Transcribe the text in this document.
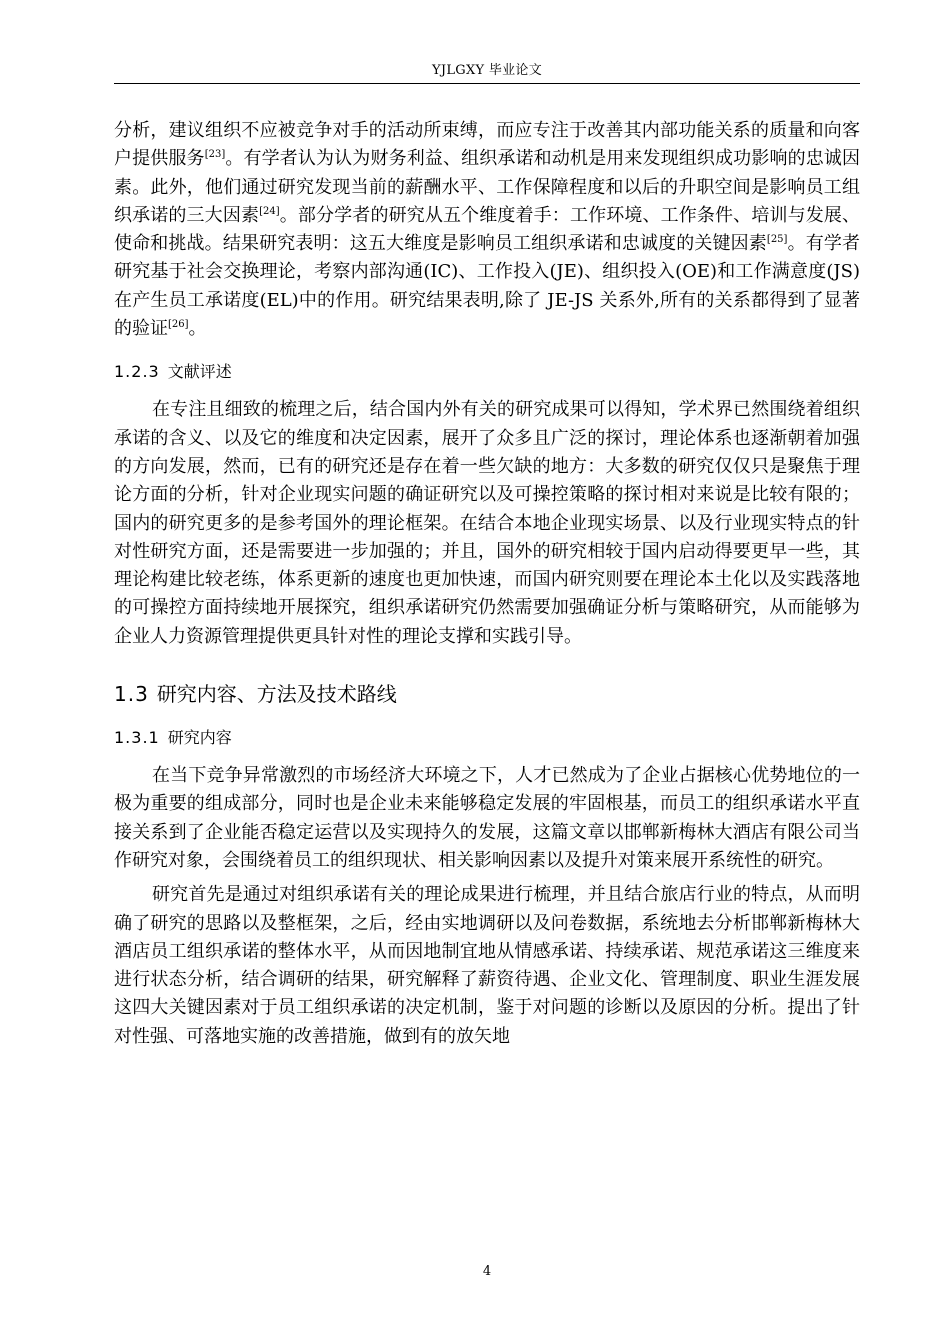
YJLGXY 毕业论文

分析，建议组织不应被竞争对手的活动所束缚，而应专注于改善其内部功能关系的质量和向客户提供服务[23]。有学者认为认为财务利益、组织承诺和动机是用来发现组织成功影响的忠诚因素。此外，他们通过研究发现当前的薪酬水平、工作保障程度和以后的升职空间是影响员工组织承诺的三大因素[24]。部分学者的研究从五个维度着手：工作环境、工作条件、培训与发展、使命和挑战。结果研究表明：这五大维度是影响员工组织承诺和忠诚度的关键因素[25]。有学者研究基于社会交换理论，考察内部沟通(IC)、工作投入(JE)、组织投入(OE)和工作满意度(JS)在产生员工承诺度(EL)中的作用。研究结果表明,除了 JE-JS 关系外,所有的关系都得到了显著的验证[26]。

1.2.3 文献评述

在专注且细致的梳理之后，结合国内外有关的研究成果可以得知，学术界已然围绕着组织承诺的含义、以及它的维度和决定因素，展开了众多且广泛的探讨，理论体系也逐渐朝着加强的方向发展，然而，已有的研究还是存在着一些欠缺的地方：大多数的研究仅仅只是聚焦于理论方面的分析，针对企业现实问题的确证研究以及可操控策略的探讨相对来说是比较有限的；国内的研究更多的是参考国外的理论框架。在结合本地企业现实场景、以及行业现实特点的针对性研究方面，还是需要进一步加强的；并且，国外的研究相较于国内启动得要更早一些，其理论构建比较老练，体系更新的速度也更加快速，而国内研究则要在理论本土化以及实践落地的可操控方面持续地开展探究，组织承诺研究仍然需要加强确证分析与策略研究，从而能够为企业人力资源管理提供更具针对性的理论支撑和实践引导。

1.3 研究内容、方法及技术路线
1.3.1 研究内容

在当下竞争异常激烈的市场经济大环境之下，人才已然成为了企业占据核心优势地位的一极为重要的组成部分，同时也是企业未来能够稳定发展的牢固根基，而员工的组织承诺水平直接关系到了企业能否稳定运营以及实现持久的发展，这篇文章以邯郸新梅林大酒店有限公司当作研究对象，会围绕着员工的组织现状、相关影响因素以及提升对策来展开系统性的研究。

研究首先是通过对组织承诺有关的理论成果进行梳理，并且结合旅店行业的特点，从而明确了研究的思路以及整框架，之后，经由实地调研以及问卷数据，系统地去分析邯郸新梅林大酒店员工组织承诺的整体水平，从而因地制宜地从情感承诺、持续承诺、规范承诺这三维度来进行状态分析，结合调研的结果，研究解释了薪资待遇、企业文化、管理制度、职业生涯发展这四大关键因素对于员工组织承诺的决定机制，鉴于对问题的诊断以及原因的分析。提出了针对性强、可落地实施的改善措施，做到有的放矢地

4
